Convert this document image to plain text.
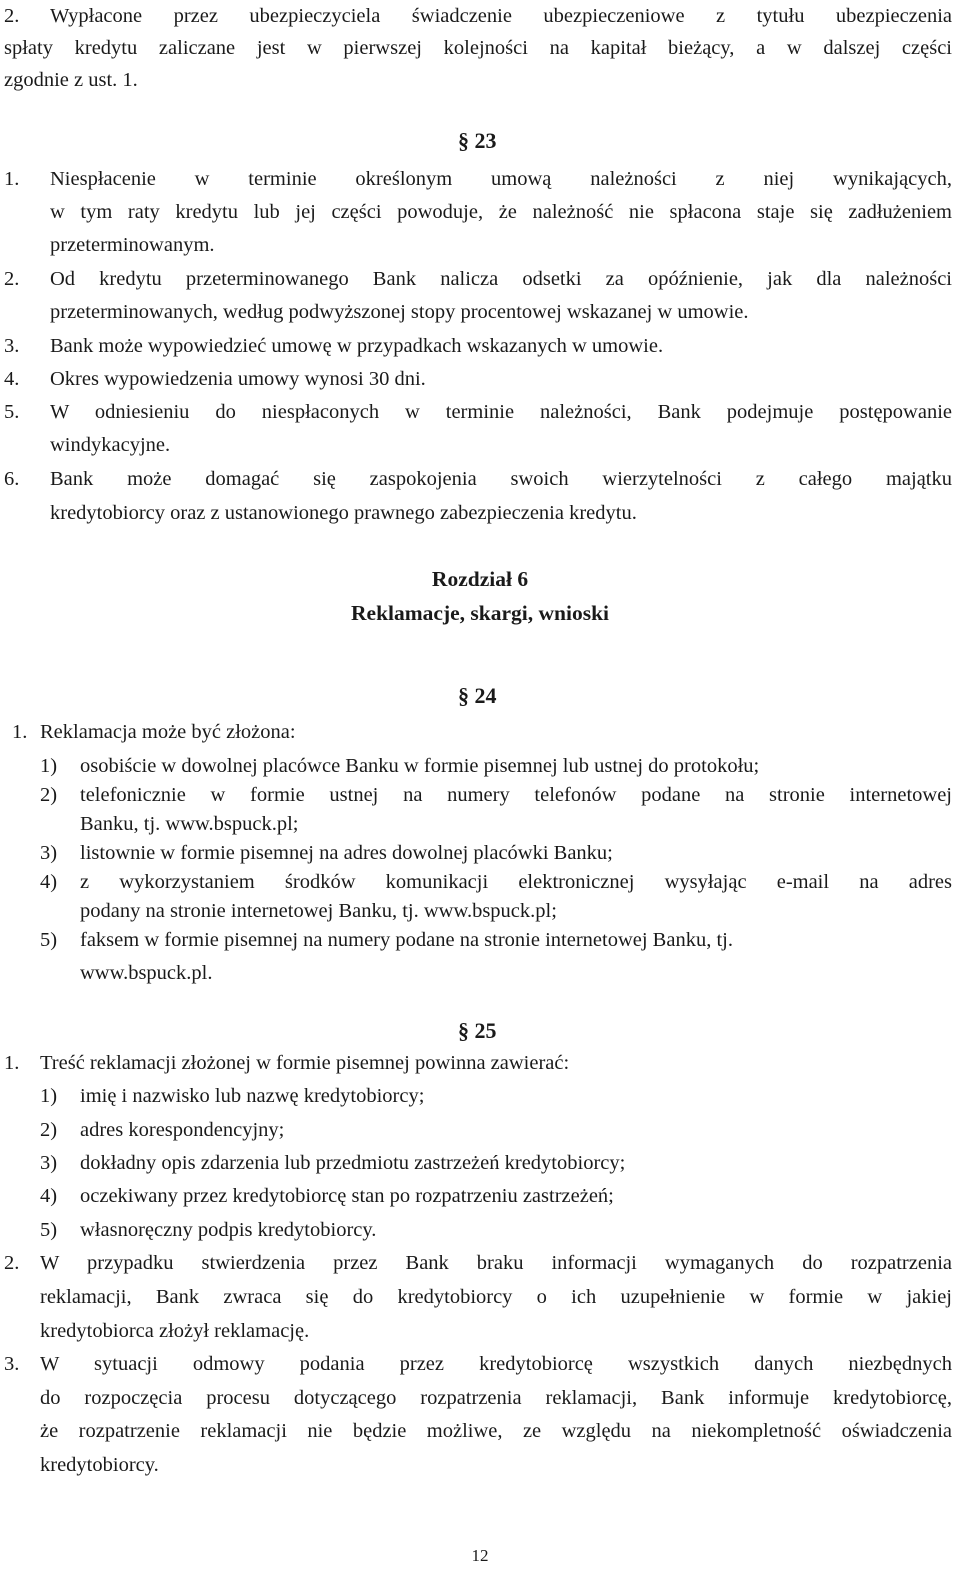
2. Wypłacone przez ubezpieczyciela świadczenie ubezpieczeniowe z tytułu ubezpieczenia
spłaty kredytu zaliczane jest w pierwszej kolejności na kapitał bieżący, a w dalszej części
zgodnie z ust. 1.
§ 23
1. Niespłacenie w terminie określonym umową należności z niej wynikających,
w tym raty kredytu lub jej części powoduje, że należność nie spłacona staje się zadłużeniem
przeterminowanym.
2. Od kredytu przeterminowanego Bank nalicza odsetki za opóźnienie, jak dla należności
przeterminowanych, według podwyższonej stopy procentowej wskazanej w umowie.
3. Bank może wypowiedzieć umowę w przypadkach wskazanych w umowie.
4. Okres wypowiedzenia umowy wynosi 30 dni.
5. W odniesieniu do niespłaconych w terminie należności, Bank podejmuje postępowanie
windykacyjne.
6. Bank może domagać się zaspokojenia swoich wierzytelności z całego majątku
kredytobiorcy oraz z ustanowionego prawnego zabezpieczenia kredytu.
Rozdział 6
Reklamacje, skargi, wnioski
§ 24
1. Reklamacja może być złożona:
1) osobiście w dowolnej placówce Banku w formie pisemnej lub ustnej do protokołu;
2) telefonicznie w formie ustnej na numery telefonów podane na stronie internetowej
Banku, tj. www.bspuck.pl;
3) listownie w formie pisemnej na adres dowolnej placówki Banku;
4) z wykorzystaniem środków komunikacji elektronicznej wysyłając e-mail na adres
podany na stronie internetowej Banku, tj. www.bspuck.pl;
5) faksem w formie pisemnej na numery podane na stronie internetowej Banku, tj.
www.bspuck.pl.
§ 25
1. Treść reklamacji złożonej w formie pisemnej powinna zawierać:
1) imię i nazwisko lub nazwę kredytobiorcy;
2) adres korespondencyjny;
3) dokładny opis zdarzenia lub przedmiotu zastrzeżeń kredytobiorcy;
4) oczekiwany przez kredytobiorcę stan po rozpatrzeniu zastrzeżeń;
5) własnoręczny podpis kredytobiorcy.
2. W przypadku stwierdzenia przez Bank braku informacji wymaganych do rozpatrzenia
reklamacji, Bank zwraca się do kredytobiorcy o ich uzupełnienie w formie w jakiej
kredytobiorca złożył reklamację.
3. W sytuacji odmowy podania przez kredytobiorcę wszystkich danych niezbędnych
do rozpoczęcia procesu dotyczącego rozpatrzenia reklamacji, Bank informuje kredytobiorcę,
że rozpatrzenie reklamacji nie będzie możliwe, ze względu na niekompletność oświadczenia
kredytobiorcy.
12
